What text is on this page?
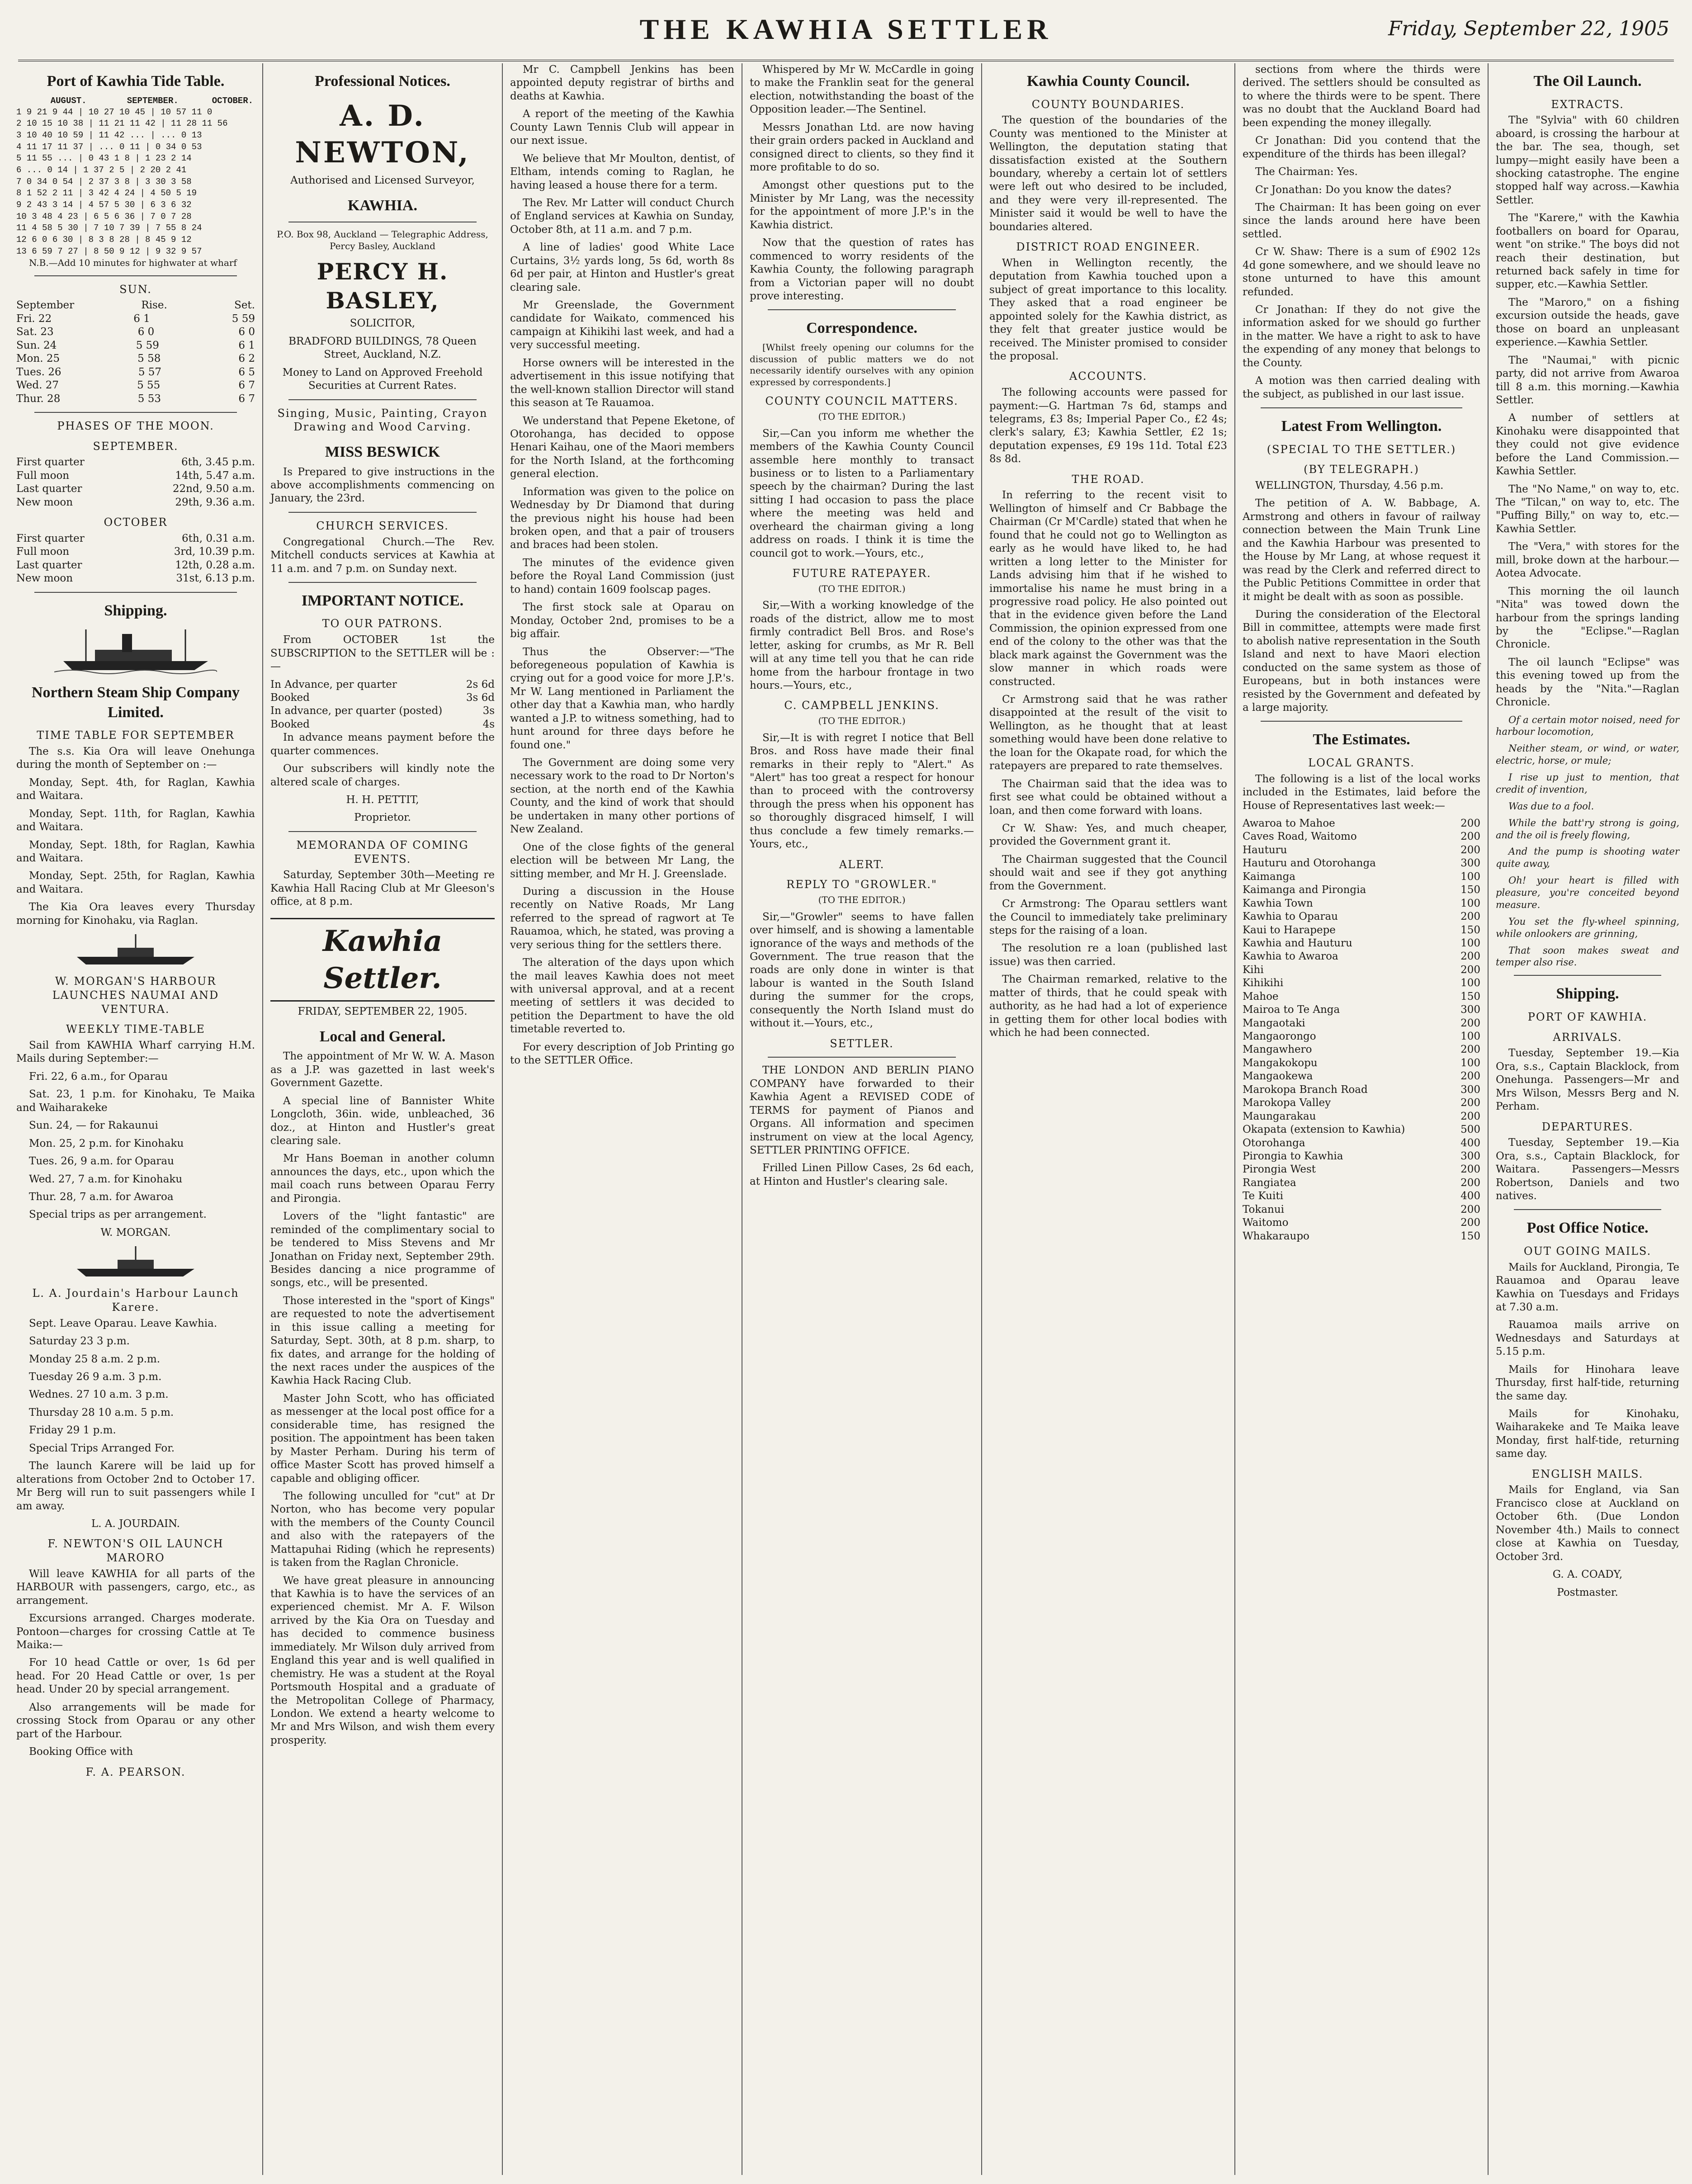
THE KAWHIA SETTLER	Friday, September 22, 1905
Port of Kawhia Tide Table.
	AUGUST.	SEPTEMBER.	OCTOBER.
1 9 21 9 44 | 10 27 10 45 | 10 57 11 0
2 10 15 10 38 | 11 21 11 42 | 11 28 11 56
3 10 40 10 59 | 11 42 ... | ... 0 13
4 11 17 11 37 | ... 0 11 | 0 34 0 53
5 11 55 ... | 0 43 1 8 | 1 23 2 14
6 ... 0 14 | 1 37 2 5 | 2 20 2 41
7 0 34 0 54 | 2 37 3 8 | 3 30 3 58
8 1 52 2 11 | 3 42 4 24 | 4 50 5 19
9 2 43 3 14 | 4 57 5 30 | 6 3 6 32
10 3 48 4 23 | 6 5 6 36 | 7 0 7 28
11 4 58 5 30 | 7 10 7 39 | 7 55 8 24
12 6 0 6 30 | 8 3 8 28 | 8 45 9 12
13 6 59 7 27 | 8 50 9 12 | 9 32 9 57

N.B.—Add 10 minutes for highwater at wharf

SUN.
September	Rise.	Set.
Fri. 22	6 1	5 59
Sat. 23	6 0	6 0
Sun. 24	5 59	6 1
Mon. 25	5 58	6 2
Tues. 26	5 57	6 5
Wed. 27	5 55	6 7
Thur. 28	5 53	6 7
PHASES OF THE MOON.
SEPTEMBER.
First quarter	6th, 3.45 p.m.
Full moon	14th, 5.47 a.m.
Last quarter	22nd, 9.50 a.m.
New moon	29th, 9.36 a.m.
OCTOBER
First quarter	6th, 0.31 a.m.
Full moon	3rd, 10.39 p.m.
Last quarter	12th, 0.28 a.m.
New moon	31st, 6.13 p.m.
Shipping.
Northern Steam Ship Company Limited.
TIME TABLE FOR SEPTEMBER

The s.s. Kia Ora will leave Onehunga during the month of September on :—

Monday, Sept. 4th, for Raglan, Kawhia and Waitara.

Monday, Sept. 11th, for Raglan, Kawhia and Waitara.

Monday, Sept. 18th, for Raglan, Kawhia and Waitara.

Monday, Sept. 25th, for Raglan, Kawhia and Waitara.

The Kia Ora leaves every Thursday morning for Kinohaku, via Raglan.

W. MORGAN'S HARBOUR LAUNCHES NAUMAI AND VENTURA.
WEEKLY TIME-TABLE

Sail from KAWHIA Wharf carrying H.M. Mails during September:—

Fri. 22, 6 a.m., for Oparau

Sat. 23, 1 p.m. for Kinohaku, Te Maika and Waiharakeke

Sun. 24, — for Rakaunui

Mon. 25, 2 p.m. for Kinohaku

Tues. 26, 9 a.m. for Oparau

Wed. 27, 7 a.m. for Kinohaku

Thur. 28, 7 a.m. for Awaroa

Special trips as per arrangement.

W. MORGAN.

L. A. Jourdain's Harbour Launch Karere.

Sept. Leave Oparau. Leave Kawhia.

Saturday 23 3 p.m.

Monday 25 8 a.m. 2 p.m.

Tuesday 26 9 a.m. 3 p.m.

Wednes. 27 10 a.m. 3 p.m.

Thursday 28 10 a.m. 5 p.m.

Friday 29 1 p.m.

Special Trips Arranged For.

The launch Karere will be laid up for alterations from October 2nd to October 17. Mr Berg will run to suit passengers while I am away.

L. A. JOURDAIN.

F. NEWTON'S OIL LAUNCH MARORO

Will leave KAWHIA for all parts of the HARBOUR with passengers, cargo, etc., as arrangement.

Excursions arranged. Charges moderate. Pontoon—charges for crossing Cattle at Te Maika:—

For 10 head Cattle or over, 1s 6d per head. For 20 Head Cattle or over, 1s per head. Under 20 by special arrangement.

Also arrangements will be made for crossing Stock from Oparau or any other part of the Harbour.

Booking Office with

F. A. PEARSON.
Professional Notices.
A. D. NEWTON,

Authorised and Licensed Surveyor,

KAWHIA.

P.O. Box 98, Auckland — Telegraphic Address, Percy Basley, Auckland

PERCY H. BASLEY,

SOLICITOR,

BRADFORD BUILDINGS, 78 Queen Street, Auckland, N.Z.

Money to Land on Approved Freehold Securities at Current Rates.

Singing, Music, Painting, Crayon Drawing and Wood Carving.
MISS BESWICK

Is Prepared to give instructions in the above accomplishments commencing on January, the 23rd.

CHURCH SERVICES.

Congregational Church.—The Rev. Mitchell conducts services at Kawhia at 11 a.m. and 7 p.m. on Sunday next.

IMPORTANT NOTICE.
TO OUR PATRONS.

From OCTOBER 1st the SUBSCRIPTION to the SETTLER will be :—

In Advance, per quarter	2s 6d
Booked	3s 6d
In advance, per quarter (posted)	3s
Booked	4s

In advance means payment before the quarter commences.

Our subscribers will kindly note the altered scale of charges.

H. H. PETTIT,

Proprietor.

MEMORANDA OF COMING EVENTS.

Saturday, September 30th—Meeting re Kawhia Hall Racing Club at Mr Gleeson's office, at 8 p.m.

Kawhia Settler.

FRIDAY, SEPTEMBER 22, 1905.

Local and General.

The appointment of Mr W. W. A. Mason as a J.P. was gazetted in last week's Government Gazette.

A special line of Bannister White Longcloth, 36in. wide, unbleached, 36 doz., at Hinton and Hustler's great clearing sale.

Mr Hans Boeman in another column announces the days, etc., upon which the mail coach runs between Oparau Ferry and Pirongia.

Lovers of the "light fantastic" are reminded of the complimentary social to be tendered to Miss Stevens and Mr Jonathan on Friday next, September 29th. Besides dancing a nice programme of songs, etc., will be presented.

Those interested in the "sport of Kings" are requested to note the advertisement in this issue calling a meeting for Saturday, Sept. 30th, at 8 p.m. sharp, to fix dates, and arrange for the holding of the next races under the auspices of the Kawhia Hack Racing Club.

Master John Scott, who has officiated as messenger at the local post office for a considerable time, has resigned the position. The appointment has been taken by Master Perham. During his term of office Master Scott has proved himself a capable and obliging officer.

The following unculled for "cut" at Dr Norton, who has become very popular with the members of the County Council and also with the ratepayers of the Mattapuhai Riding (which he represents) is taken from the Raglan Chronicle.

We have great pleasure in announcing that Kawhia is to have the services of an experienced chemist. Mr A. F. Wilson arrived by the Kia Ora on Tuesday and has decided to commence business immediately. Mr Wilson duly arrived from England this year and is well qualified in chemistry. He was a student at the Royal Portsmouth Hospital and a graduate of the Metropolitan College of Pharmacy, London. We extend a hearty welcome to Mr and Mrs Wilson, and wish them every prosperity.

Mr C. Campbell Jenkins has been appointed deputy registrar of births and deaths at Kawhia.

A report of the meeting of the Kawhia County Lawn Tennis Club will appear in our next issue.

We believe that Mr Moulton, dentist, of Eltham, intends coming to Raglan, he having leased a house there for a term.

The Rev. Mr Latter will conduct Church of England services at Kawhia on Sunday, October 8th, at 11 a.m. and 7 p.m.

A line of ladies' good White Lace Curtains, 3½ yards long, 5s 6d, worth 8s 6d per pair, at Hinton and Hustler's great clearing sale.

Mr Greenslade, the Government candidate for Waikato, commenced his campaign at Kihikihi last week, and had a very successful meeting.

Horse owners will be interested in the advertisement in this issue notifying that the well-known stallion Director will stand this season at Te Rauamoa.

We understand that Pepene Eketone, of Otorohanga, has decided to oppose Henari Kaihau, one of the Maori members for the North Island, at the forthcoming general election.

Information was given to the police on Wednesday by Dr Diamond that during the previous night his house had been broken open, and that a pair of trousers and braces had been stolen.

The minutes of the evidence given before the Royal Land Commission (just to hand) contain 1609 foolscap pages.

The first stock sale at Oparau on Monday, October 2nd, promises to be a big affair.

Thus the Observer:—"The beforegeneous population of Kawhia is crying out for a good voice for more J.P.'s. Mr W. Lang mentioned in Parliament the other day that a Kawhia man, who hardly wanted a J.P. to witness something, had to hunt around for three days before he found one."

The Government are doing some very necessary work to the road to Dr Norton's section, at the north end of the Kawhia County, and the kind of work that should be undertaken in many other portions of New Zealand.

One of the close fights of the general election will be between Mr Lang, the sitting member, and Mr H. J. Greenslade.

During a discussion in the House recently on Native Roads, Mr Lang referred to the spread of ragwort at Te Rauamoa, which, he stated, was proving a very serious thing for the settlers there.

The alteration of the days upon which the mail leaves Kawhia does not meet with universal approval, and at a recent meeting of settlers it was decided to petition the Department to have the old timetable reverted to.

For every description of Job Printing go to the SETTLER Office.

Whispered by Mr W. McCardle in going to make the Franklin seat for the general election, notwithstanding the boast of the Opposition leader.—The Sentinel.

Messrs Jonathan Ltd. are now having their grain orders packed in Auckland and consigned direct to clients, so they find it more profitable to do so.

Amongst other questions put to the Minister by Mr Lang, was the necessity for the appointment of more J.P.'s in the Kawhia district.

Now that the question of rates has commenced to worry residents of the Kawhia County, the following paragraph from a Victorian paper will no doubt prove interesting.

Correspondence.

[Whilst freely opening our columns for the discussion of public matters we do not necessarily identify ourselves with any opinion expressed by correspondents.]

COUNTY COUNCIL MATTERS.

(TO THE EDITOR.)

Sir,—Can you inform me whether the members of the Kawhia County Council assemble here monthly to transact business or to listen to a Parliamentary speech by the chairman? During the last sitting I had occasion to pass the place where the meeting was held and overheard the chairman giving a long address on roads. I think it is time the council got to work.—Yours, etc.,

FUTURE RATEPAYER.

(TO THE EDITOR.)

Sir,—With a working knowledge of the roads of the district, allow me to most firmly contradict Bell Bros. and Rose's letter, asking for crumbs, as Mr R. Bell will at any time tell you that he can ride home from the harbour frontage in two hours.—Yours, etc.,

C. CAMPBELL JENKINS.

(TO THE EDITOR.)

Sir,—It is with regret I notice that Bell Bros. and Ross have made their final remarks in their reply to "Alert." As "Alert" has too great a respect for honour than to proceed with the controversy through the press when his opponent has so thoroughly disgraced himself, I will thus conclude a few timely remarks.—Yours, etc.,

ALERT.
REPLY TO "GROWLER."

(TO THE EDITOR.)

Sir,—"Growler" seems to have fallen over himself, and is showing a lamentable ignorance of the ways and methods of the Government. The true reason that the roads are only done in winter is that labour is wanted in the South Island during the summer for the crops, consequently the North Island must do without it.—Yours, etc.,

SETTLER.

THE LONDON AND BERLIN PIANO COMPANY have forwarded to their Kawhia Agent a REVISED CODE of TERMS for payment of Pianos and Organs. All information and specimen instrument on view at the local Agency, SETTLER PRINTING OFFICE.

Frilled Linen Pillow Cases, 2s 6d each, at Hinton and Hustler's clearing sale.

Kawhia County Council.
COUNTY BOUNDARIES.

The question of the boundaries of the County was mentioned to the Minister at Wellington, the deputation stating that dissatisfaction existed at the Southern boundary, whereby a certain lot of settlers were left out who desired to be included, and they were very ill-represented. The Minister said it would be well to have the boundaries altered.

DISTRICT ROAD ENGINEER.

When in Wellington recently, the deputation from Kawhia touched upon a subject of great importance to this locality. They asked that a road engineer be appointed solely for the Kawhia district, as they felt that greater justice would be received. The Minister promised to consider the proposal.

ACCOUNTS.

The following accounts were passed for payment:—G. Hartman 7s 6d, stamps and telegrams, £3 8s; Imperial Paper Co., £2 4s; clerk's salary, £3; Kawhia Settler, £2 1s; deputation expenses, £9 19s 11d. Total £23 8s 8d.

THE ROAD.

In referring to the recent visit to Wellington of himself and Cr Babbage the Chairman (Cr M'Cardle) stated that when he found that he could not go to Wellington as early as he would have liked to, he had written a long letter to the Minister for Lands advising him that if he wished to immortalise his name he must bring in a progressive road policy. He also pointed out that in the evidence given before the Land Commission, the opinion expressed from one end of the colony to the other was that the black mark against the Government was the slow manner in which roads were constructed.

Cr Armstrong said that he was rather disappointed at the result of the visit to Wellington, as he thought that at least something would have been done relative to the loan for the Okapate road, for which the ratepayers are prepared to rate themselves.

The Chairman said that the idea was to first see what could be obtained without a loan, and then come forward with loans.

Cr W. Shaw: Yes, and much cheaper, provided the Government grant it.

The Chairman suggested that the Council should wait and see if they got anything from the Government.

Cr Armstrong: The Oparau settlers want the Council to immediately take preliminary steps for the raising of a loan.

The resolution re a loan (published last issue) was then carried.

The Chairman remarked, relative to the matter of thirds, that he could speak with authority, as he had had a lot of experience in getting them for other local bodies with which he had been connected.

sections from where the thirds were derived. The settlers should be consulted as to where the thirds were to be spent. There was no doubt that the Auckland Board had been expending the money illegally.

Cr Jonathan: Did you contend that the expenditure of the thirds has been illegal?

The Chairman: Yes.

Cr Jonathan: Do you know the dates?

The Chairman: It has been going on ever since the lands around here have been settled.

Cr W. Shaw: There is a sum of £902 12s 4d gone somewhere, and we should leave no stone unturned to have this amount refunded.

Cr Jonathan: If they do not give the information asked for we should go further in the matter. We have a right to ask to have the expending of any money that belongs to the County.

A motion was then carried dealing with the subject, as published in our last issue.

Latest From Wellington.
(SPECIAL TO THE SETTLER.)
(BY TELEGRAPH.)

WELLINGTON, Thursday, 4.56 p.m.

The petition of A. W. Babbage, A. Armstrong and others in favour of railway connection between the Main Trunk Line and the Kawhia Harbour was presented to the House by Mr Lang, at whose request it was read by the Clerk and referred direct to the Public Petitions Committee in order that it might be dealt with as soon as possible.

During the consideration of the Electoral Bill in committee, attempts were made first to abolish native representation in the South Island and next to have Maori election conducted on the same system as those of Europeans, but in both instances were resisted by the Government and defeated by a large majority.

The Estimates.
LOCAL GRANTS.

The following is a list of the local works included in the Estimates, laid before the House of Representatives last week:—

Awaroa to Mahoe	200
Caves Road, Waitomo	200
Hauturu	200
Hauturu and Otorohanga	300
Kaimanga	100
Kaimanga and Pirongia	150
Kawhia Town	100
Kawhia to Oparau	200
Kaui to Harapepe	150
Kawhia and Hauturu	100
Kawhia to Awaroa	200
Kihi	200
Kihikihi	100
Mahoe	150
Mairoa to Te Anga	300
Mangaotaki	200
Mangaorongo	100
Mangawhero	200
Mangakokopu	100
Mangaokewa	200
Marokopa Branch Road	300
Marokopa Valley	200
Maungarakau	200
Okapata (extension to Kawhia)	500
Otorohanga	400
Pirongia to Kawhia	300
Pirongia West	200
Rangiatea	200
Te Kuiti	400
Tokanui	200
Waitomo	200
Whakaraupo	150
The Oil Launch.
EXTRACTS.

The "Sylvia" with 60 children aboard, is crossing the harbour at the bar. The sea, though, set lumpy—might easily have been a shocking catastrophe. The engine stopped half way across.—Kawhia Settler.

The "Karere," with the Kawhia footballers on board for Oparau, went "on strike." The boys did not reach their destination, but returned back safely in time for supper, etc.—Kawhia Settler.

The "Maroro," on a fishing excursion outside the heads, gave those on board an unpleasant experience.—Kawhia Settler.

The "Naumai," with picnic party, did not arrive from Awaroa till 8 a.m. this morning.—Kawhia Settler.

A number of settlers at Kinohaku were disappointed that they could not give evidence before the Land Commission.—Kawhia Settler.

The "No Name," on way to, etc. The "Tilcan," on way to, etc. The "Puffing Billy," on way to, etc.—Kawhia Settler.

The "Vera," with stores for the mill, broke down at the harbour.—Aotea Advocate.

This morning the oil launch "Nita" was towed down the harbour from the springs landing by the "Eclipse."—Raglan Chronicle.

The oil launch "Eclipse" was this evening towed up from the heads by the "Nita."—Raglan Chronicle.

Of a certain motor noised, need for harbour locomotion,

Neither steam, or wind, or water, electric, horse, or mule;

I rise up just to mention, that credit of invention,

Was due to a fool.

While the batt'ry strong is going, and the oil is freely flowing,

And the pump is shooting water quite away,

Oh! your heart is filled with pleasure, you're conceited beyond measure.

You set the fly-wheel spinning, while onlookers are grinning,

That soon makes sweat and temper also rise.

Shipping.
PORT OF KAWHIA.
ARRIVALS.

Tuesday, September 19.—Kia Ora, s.s., Captain Blacklock, from Onehunga. Passengers—Mr and Mrs Wilson, Messrs Berg and N. Perham.

DEPARTURES.

Tuesday, September 19.—Kia Ora, s.s., Captain Blacklock, for Waitara. Passengers—Messrs Robertson, Daniels and two natives.

Post Office Notice.
OUT GOING MAILS.

Mails for Auckland, Pirongia, Te Rauamoa and Oparau leave Kawhia on Tuesdays and Fridays at 7.30 a.m.

Rauamoa mails arrive on Wednesdays and Saturdays at 5.15 p.m.

Mails for Hinohara leave Thursday, first half-tide, returning the same day.

Mails for Kinohaku, Waiharakeke and Te Maika leave Monday, first half-tide, returning same day.

ENGLISH MAILS.

Mails for England, via San Francisco close at Auckland on October 6th. (Due London November 4th.) Mails to connect close at Kawhia on Tuesday, October 3rd.

G. A. COADY,

Postmaster.
